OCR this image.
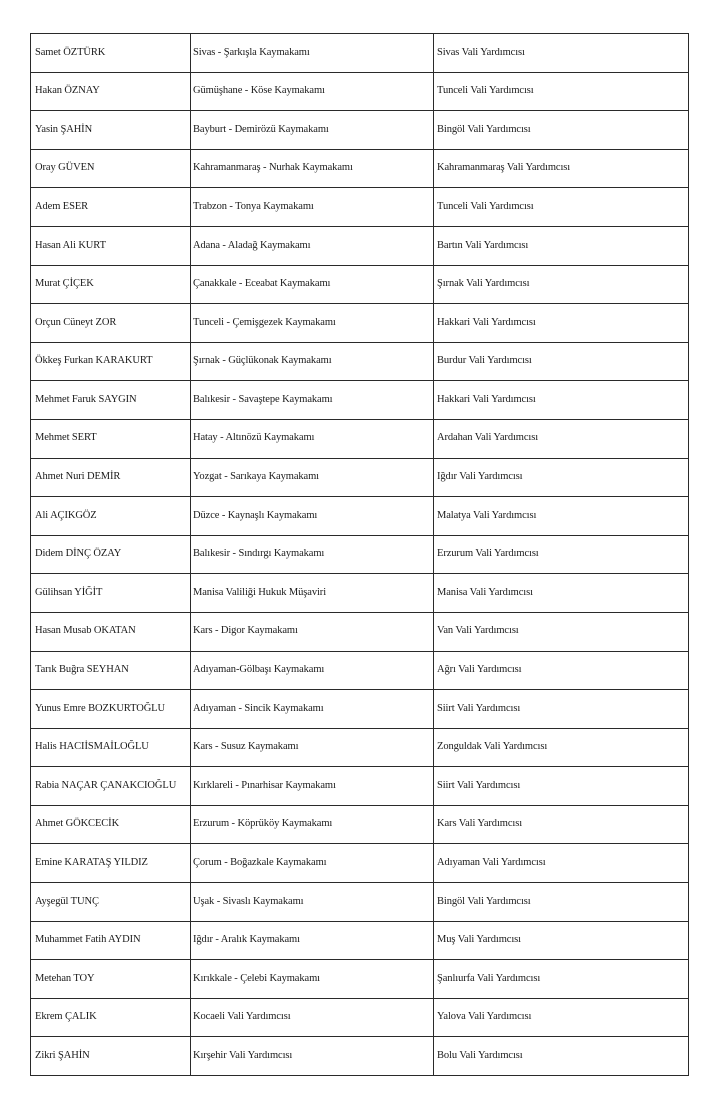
Samet ÖZTÜRK	Sivas - Şarkışla Kaymakamı	Sivas Vali Yardımcısı
Hakan ÖZNAY	Gümüşhane - Köse Kaymakamı	Tunceli Vali Yardımcısı
Yasin ŞAHİN	Bayburt - Demirözü Kaymakamı	Bingöl Vali Yardımcısı
Oray GÜVEN	Kahramanmaraş - Nurhak Kaymakamı	Kahramanmaraş Vali Yardımcısı
Adem ESER	Trabzon - Tonya Kaymakamı	Tunceli Vali Yardımcısı
Hasan Ali KURT	Adana - Aladağ Kaymakamı	Bartın Vali Yardımcısı
Murat ÇİÇEK	Çanakkale - Eceabat Kaymakamı	Şırnak Vali Yardımcısı
Orçun Cüneyt ZOR	Tunceli - Çemişgezek Kaymakamı	Hakkari Vali Yardımcısı
Ökkeş Furkan KARAKURT	Şırnak - Güçlükonak Kaymakamı	Burdur Vali Yardımcısı
Mehmet Faruk SAYGIN	Balıkesir - Savaştepe Kaymakamı	Hakkari Vali Yardımcısı
Mehmet SERT	Hatay - Altınözü Kaymakamı	Ardahan Vali Yardımcısı
Ahmet Nuri DEMİR	Yozgat - Sarıkaya Kaymakamı	Iğdır Vali Yardımcısı
Ali AÇIKGÖZ	Düzce - Kaynaşlı Kaymakamı	Malatya Vali Yardımcısı
Didem DİNÇ ÖZAY	Balıkesir - Sındırgı Kaymakamı	Erzurum Vali Yardımcısı
Gülihsan YİĞİT	Manisa Valiliği Hukuk Müşaviri	Manisa Vali Yardımcısı
Hasan Musab OKATAN	Kars - Digor Kaymakamı	Van Vali Yardımcısı
Tarık Buğra SEYHAN	Adıyaman-Gölbaşı Kaymakamı	Ağrı Vali Yardımcısı
Yunus Emre BOZKURTOĞLU	Adıyaman - Sincik Kaymakamı	Siirt Vali Yardımcısı
Halis HACIİSMAİLOĞLU	Kars - Susuz Kaymakamı	Zonguldak Vali Yardımcısı
Rabia NAÇAR ÇANAKCIOĞLU	Kırklareli - Pınarhisar Kaymakamı	Siirt Vali Yardımcısı
Ahmet GÖKCECİK	Erzurum - Köprüköy Kaymakamı	Kars Vali Yardımcısı
Emine KARATAŞ YILDIZ	Çorum - Boğazkale Kaymakamı	Adıyaman Vali Yardımcısı
Ayşegül TUNÇ	Uşak - Sivaslı Kaymakamı	Bingöl Vali Yardımcısı
Muhammet Fatih AYDIN	Iğdır - Aralık Kaymakamı	Muş Vali Yardımcısı
Metehan TOY	Kırıkkale - Çelebi Kaymakamı	Şanlıurfa Vali Yardımcısı
Ekrem ÇALIK	Kocaeli Vali Yardımcısı	Yalova Vali Yardımcısı
Zikri ŞAHİN	Kırşehir Vali Yardımcısı	Bolu Vali Yardımcısı
